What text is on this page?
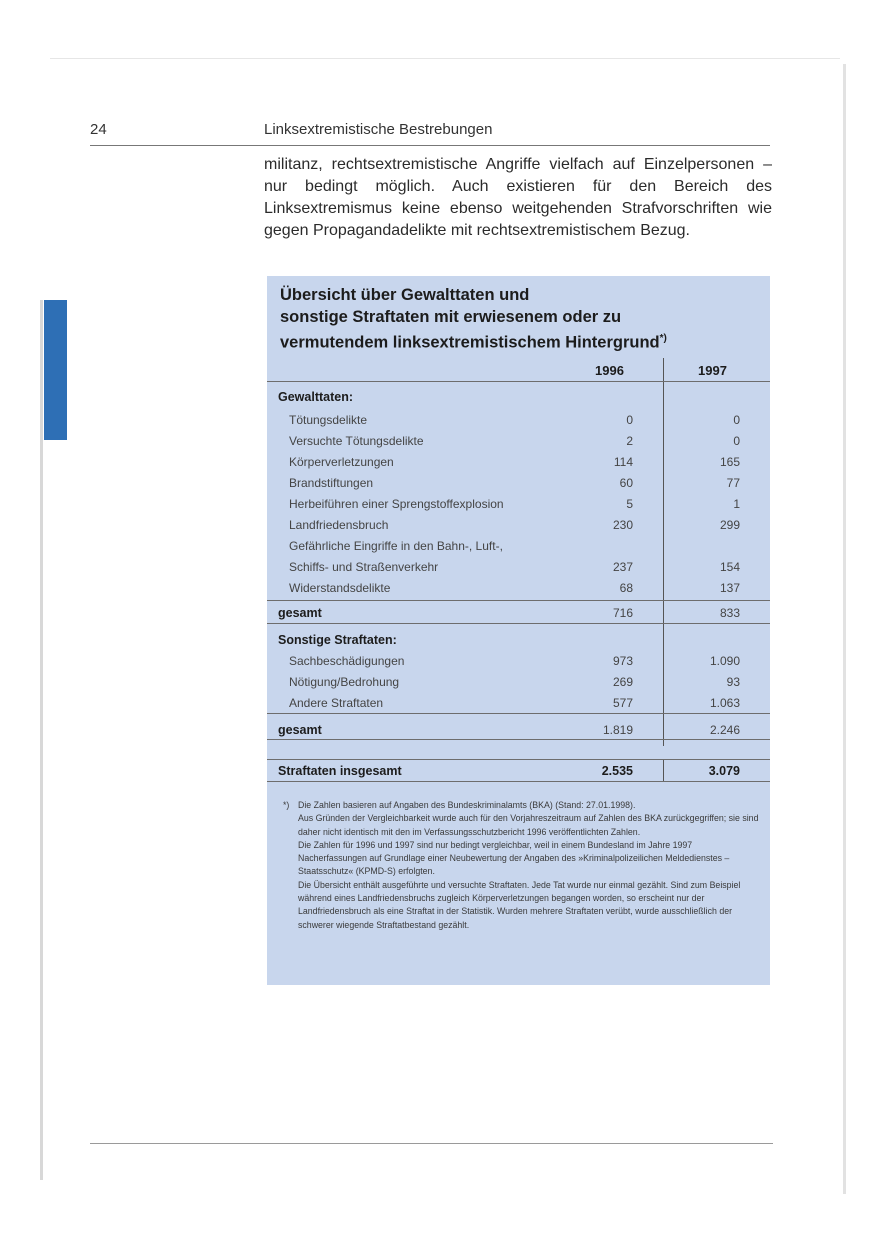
24	Linksextremistische Bestrebungen
militanz, rechtsextremistische Angriffe vielfach auf Einzelpersonen – nur bedingt möglich. Auch existieren für den Bereich des Linksextremismus keine ebenso weitgehenden Strafvorschriften wie gegen Propagandadelikte mit rechtsextremistischem Bezug.
Übersicht über Gewalttaten und
sonstige Straftaten mit erwiesenem oder zu
vermutendem linksextremistischem Hintergrund*)
1996	1997
Gewalttaten:
Tötungsdelikte	0	0
Versuchte Tötungsdelikte	2	0
Körperverletzungen	114	165
Brandstiftungen	60	77
Herbeiführen einer Sprengstoffexplosion	5	1
Landfriedensbruch	230	299
Gefährliche Eingriffe in den Bahn-, Luft-,
Schiffs- und Straßenverkehr	237	154
Widerstandsdelikte	68	137
gesamt	716	833
Sonstige Straftaten:
Sachbeschädigungen	973	1.090
Nötigung/Bedrohung	269	93
Andere Straftaten	577	1.063
gesamt	1.819	2.246
Straftaten insgesamt	2.535	3.079
*) Die Zahlen basieren auf Angaben des Bundeskriminalamts (BKA) (Stand: 27.01.1998).

Aus Gründen der Vergleichbarkeit wurde auch für den Vorjahreszeitraum auf Zahlen des BKA zurückgegriffen; sie sind daher nicht identisch mit den im Verfassungsschutzbericht 1996 veröffentlichten Zahlen.

Die Zahlen für 1996 und 1997 sind nur bedingt vergleichbar, weil in einem Bundesland im Jahre 1997 Nacherfassungen auf Grundlage einer Neubewertung der Angaben des »Kriminalpolizeilichen Meldedienstes – Staatsschutz« (KPMD-S) erfolgten.

Die Übersicht enthält ausgeführte und versuchte Straftaten. Jede Tat wurde nur einmal gezählt. Sind zum Beispiel während eines Landfriedensbruchs zugleich Körperverletzungen begangen worden, so erscheint nur der Landfriedensbruch als eine Straftat in der Statistik. Wurden mehrere Straftaten verübt, wurde ausschließlich der schwerer wiegende Straftatbestand gezählt.
